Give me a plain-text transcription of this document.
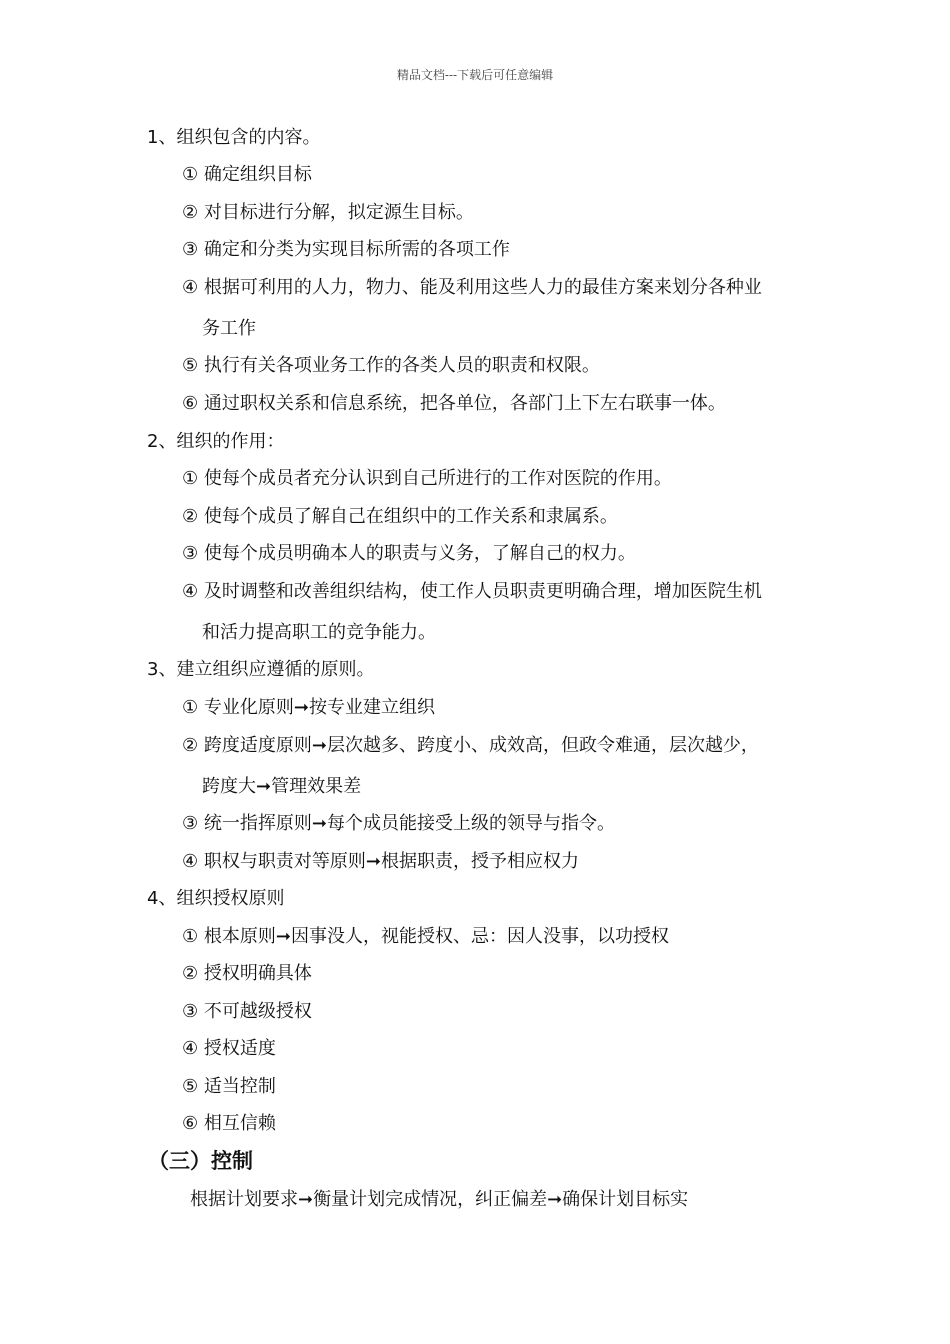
精品文档---下载后可任意编辑
1、组织包含的内容。
① 确定组织目标
② 对目标进行分解，拟定源生目标。
③ 确定和分类为实现目标所需的各项工作
④ 根据可利用的人力，物力、能及利用这些人力的最佳方案来划分各种业
务工作
⑤ 执行有关各项业务工作的各类人员的职责和权限。
⑥ 通过职权关系和信息系统，把各单位，各部门上下左右联事一体。
2、组织的作用：
① 使每个成员者充分认识到自己所进行的工作对医院的作用。
② 使每个成员了解自己在组织中的工作关系和隶属系。
③ 使每个成员明确本人的职责与义务，了解自己的权力。
④ 及时调整和改善组织结构，使工作人员职责更明确合理，增加医院生机
和活力提高职工的竞争能力。
3、建立组织应遵循的原则。
① 专业化原则➞按专业建立组织
② 跨度适度原则➞层次越多、跨度小、成效高，但政令难通，层次越少，
跨度大➞管理效果差
③ 统一指挥原则➞每个成员能接受上级的领导与指令。
④ 职权与职责对等原则➞根据职责，授予相应权力
4、组织授权原则
① 根本原则➞因事没人，视能授权、忌：因人没事，以功授权
② 授权明确具体
③ 不可越级授权
④ 授权适度
⑤ 适当控制
⑥ 相互信赖
（三）控制
根据计划要求➞衡量计划完成情况，纠正偏差➞确保计划目标实
